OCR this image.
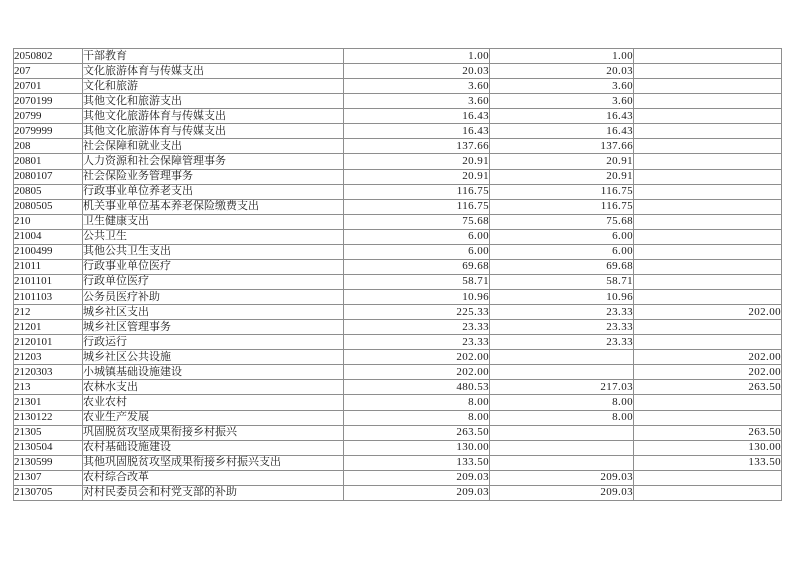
2050802	干部教育	1.00	1.00	
207	文化旅游体育与传媒支出	20.03	20.03	
20701	文化和旅游	3.60	3.60	
2070199	其他文化和旅游支出	3.60	3.60	
20799	其他文化旅游体育与传媒支出	16.43	16.43	
2079999	其他文化旅游体育与传媒支出	16.43	16.43	
208	社会保障和就业支出	137.66	137.66	
20801	人力资源和社会保障管理事务	20.91	20.91	
2080107	社会保险业务管理事务	20.91	20.91	
20805	行政事业单位养老支出	116.75	116.75	
2080505	机关事业单位基本养老保险缴费支出	116.75	116.75	
210	卫生健康支出	75.68	75.68	
21004	公共卫生	6.00	6.00	
2100499	其他公共卫生支出	6.00	6.00	
21011	行政事业单位医疗	69.68	69.68	
2101101	行政单位医疗	58.71	58.71	
2101103	公务员医疗补助	10.96	10.96	
212	城乡社区支出	225.33	23.33	202.00
21201	城乡社区管理事务	23.33	23.33	
2120101	行政运行	23.33	23.33	
21203	城乡社区公共设施	202.00		202.00
2120303	小城镇基础设施建设	202.00		202.00
213	农林水支出	480.53	217.03	263.50
21301	农业农村	8.00	8.00	
2130122	农业生产发展	8.00	8.00	
21305	巩固脱贫攻坚成果衔接乡村振兴	263.50		263.50
2130504	农村基础设施建设	130.00		130.00
2130599	其他巩固脱贫攻坚成果衔接乡村振兴支出	133.50		133.50
21307	农村综合改革	209.03	209.03	
2130705	对村民委员会和村党支部的补助	209.03	209.03	
